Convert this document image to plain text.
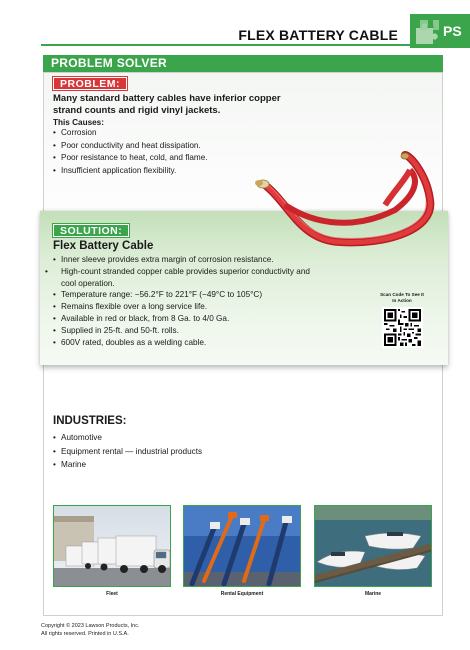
PS
FLEX BATTERY CABLE
PROBLEM SOLVER
PROBLEM:
Many standard battery cables have inferior copper strand counts and rigid vinyl jackets.
This Causes:
• Corrosion
• Poor conductivity and heat dissipation.
• Poor resistance to heat, cold, and flame.
• Insufficient application flexibility.
SOLUTION:
Flex Battery Cable
• Inner sleeve provides extra margin of corrosion resistance.
• High-count stranded copper cable provides superior conductivity and cool operation.
• Temperature range: −56.2°F to 221°F (−49°C to 105°C)
• Remains flexible over a long service life.
• Available in red or black, from 8 Ga. to 4/0 Ga.
• Supplied in 25-ft. and 50-ft. rolls.
• 600V rated, doubles as a welding cable.
Scan Code To See It In Action
INDUSTRIES:
• Automotive
• Equipment rental — industrial products
• Marine
Fleet	Rental Equipment	Marine
Copyright © 2023 Lawson Products, Inc.
All rights reserved. Printed in U.S.A.
